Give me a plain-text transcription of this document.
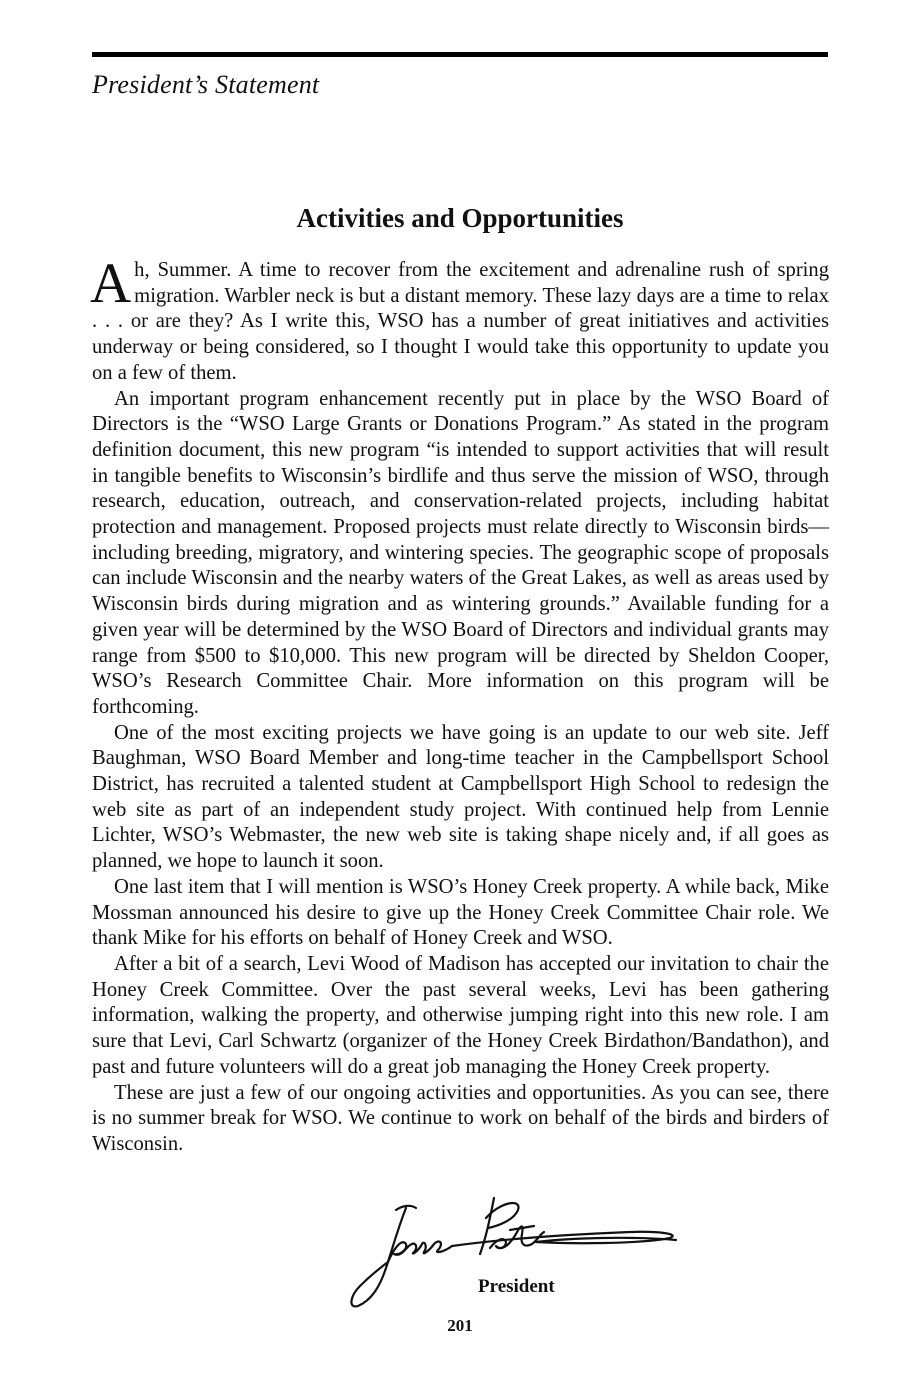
President’s Statement
Activities and Opportunities

Ah, Summer. A time to recover from the excitement and adrenaline rush of spring migration. Warbler neck is but a distant memory. These lazy days are a time to relax . . . or are they? As I write this, WSO has a number of great initiatives and activities underway or being considered, so I thought I would take this opportunity to update you on a few of them.

An important program enhancement recently put in place by the WSO Board of Directors is the “WSO Large Grants or Donations Program.” As stated in the program definition document, this new program “is intended to support activities that will result in tangible benefits to Wisconsin’s birdlife and thus serve the mission of WSO, through research, education, outreach, and conservation-related projects, including habitat protection and management. Proposed projects must relate directly to Wisconsin birds—including breeding, migratory, and wintering species. The geographic scope of proposals can include Wisconsin and the nearby waters of the Great Lakes, as well as areas used by Wisconsin birds during migration and as wintering grounds.” Available funding for a given year will be determined by the WSO Board of Directors and individual grants may range from $500 to $10,000. This new program will be directed by Sheldon Cooper, WSO’s Research Committee Chair. More information on this program will be forthcoming.

One of the most exciting projects we have going is an update to our web site. Jeff Baughman, WSO Board Member and long-time teacher in the Campbellsport School District, has recruited a talented student at Campbellsport High School to redesign the web site as part of an independent study project. With continued help from Lennie Lichter, WSO’s Webmaster, the new web site is taking shape nicely and, if all goes as planned, we hope to launch it soon.

One last item that I will mention is WSO’s Honey Creek property. A while back, Mike Mossman announced his desire to give up the Honey Creek Committee Chair role. We thank Mike for his efforts on behalf of Honey Creek and WSO.

After a bit of a search, Levi Wood of Madison has accepted our invitation to chair the Honey Creek Committee. Over the past several weeks, Levi has been gathering information, walking the property, and otherwise jumping right into this new role. I am sure that Levi, Carl Schwartz (organizer of the Honey Creek Birdathon/Bandathon), and past and future volunteers will do a great job managing the Honey Creek property.

These are just a few of our ongoing activities and opportunities. As you can see, there is no summer break for WSO. We continue to work on behalf of the birds and birders of Wisconsin.

President
201
